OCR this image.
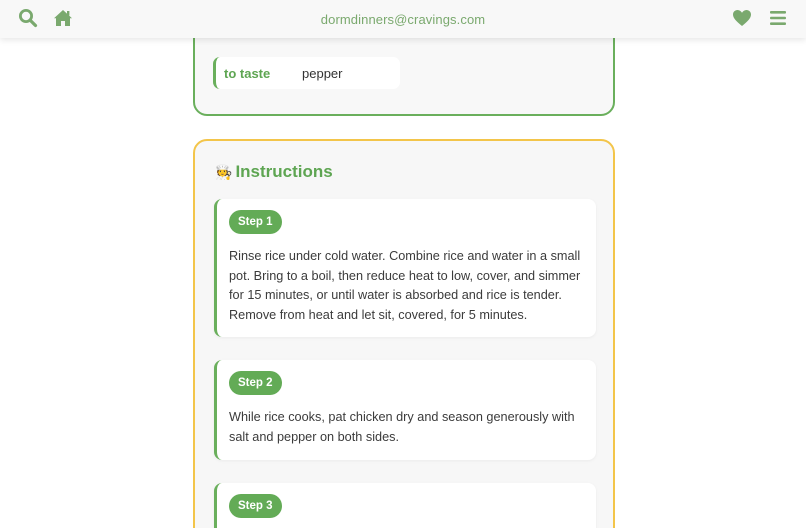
to taste	pepper
🧑‍🍳 Instructions
Step 1

Rinse rice under cold water. Combine rice and water in a small pot. Bring to a boil, then reduce heat to low, cover, and simmer for 15 minutes, or until water is absorbed and rice is tender. Remove from heat and let sit, covered, for 5 minutes.

Step 2

While rice cooks, pat chicken dry and season generously with salt and pepper on both sides.

Step 3

dormdinners@cravings.com
